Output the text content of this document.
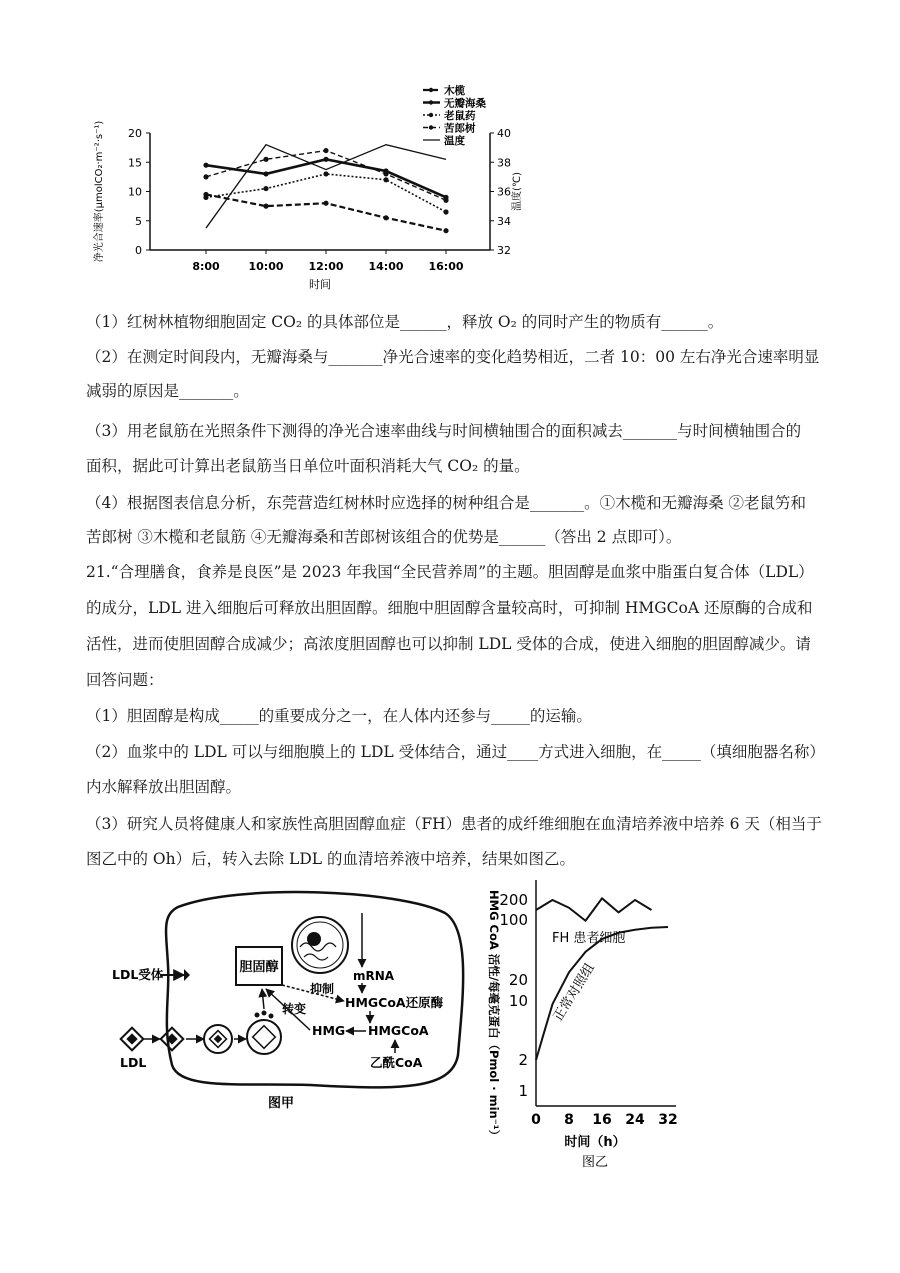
0
5
10
15
20
32
34
36
38
40
8:00	10:00 12:00 14:00 16:00
时间
净光合速率(μmolCO₂·m⁻²·s⁻¹)	温度(℃)
木榄
无瓣海桑
老鼠药
苦郎树
温度
（1）红树林植物细胞固定 CO₂ 的具体部位是______，释放 O₂ 的同时产生的物质有______。
（2）在测定时间段内，无瓣海桑与_______净光合速率的变化趋势相近，二者 10：00 左右净光合速率明显
减弱的原因是_______。
（3）用老鼠筋在光照条件下测得的净光合速率曲线与时间横轴围合的面积减去_______与时间横轴围合的
面积，据此可计算出老鼠筋当日单位叶面积消耗大气 CO₂ 的量。
（4）根据图表信息分析，东莞营造红树林时应选择的树种组合是_______。①木榄和无瓣海桑 ②老鼠竻和
苦郎树 ③木榄和老鼠筋 ④无瓣海桑和苦郎树该组合的优势是______（答出 2 点即可）。
21.“合理膳食，食养是良医”是 2023 年我国“全民营养周”的主题。胆固醇是血浆中脂蛋白复合体（LDL）
的成分，LDL 进入细胞后可释放出胆固醇。细胞中胆固醇含量较高时，可抑制 HMGCoA 还原酶的合成和
活性，进而使胆固醇合成减少；高浓度胆固醇也可以抑制 LDL 受体的合成，使进入细胞的胆固醇减少。请
回答问题：
（1）胆固醇是构成_____的重要成分之一，在人体内还参与_____的运输。
（2）血浆中的 LDL 可以与细胞膜上的 LDL 受体结合，通过____方式进入细胞，在_____（填细胞器名称）
内水解释放出胆固醇。
（3）研究人员将健康人和家族性高胆固醇血症（FH）患者的成纤维细胞在血清培养液中培养 6 天（相当于
图乙中的 Oh）后，转入去除 LDL 的血清培养液中培养，结果如图乙。
胆固醇
mRNA
抑制
HMGCoA还原酶
转变
HMG HMGCoA
乙酰CoA
LDL受体
LDL
图甲
1
2
10
20
100
200
0 8 16 24 32
时间（h）
图乙
HMG CoA 活性/每毫克蛋白（Pmol · min⁻¹）	FH 患者细胞
正常对照组
